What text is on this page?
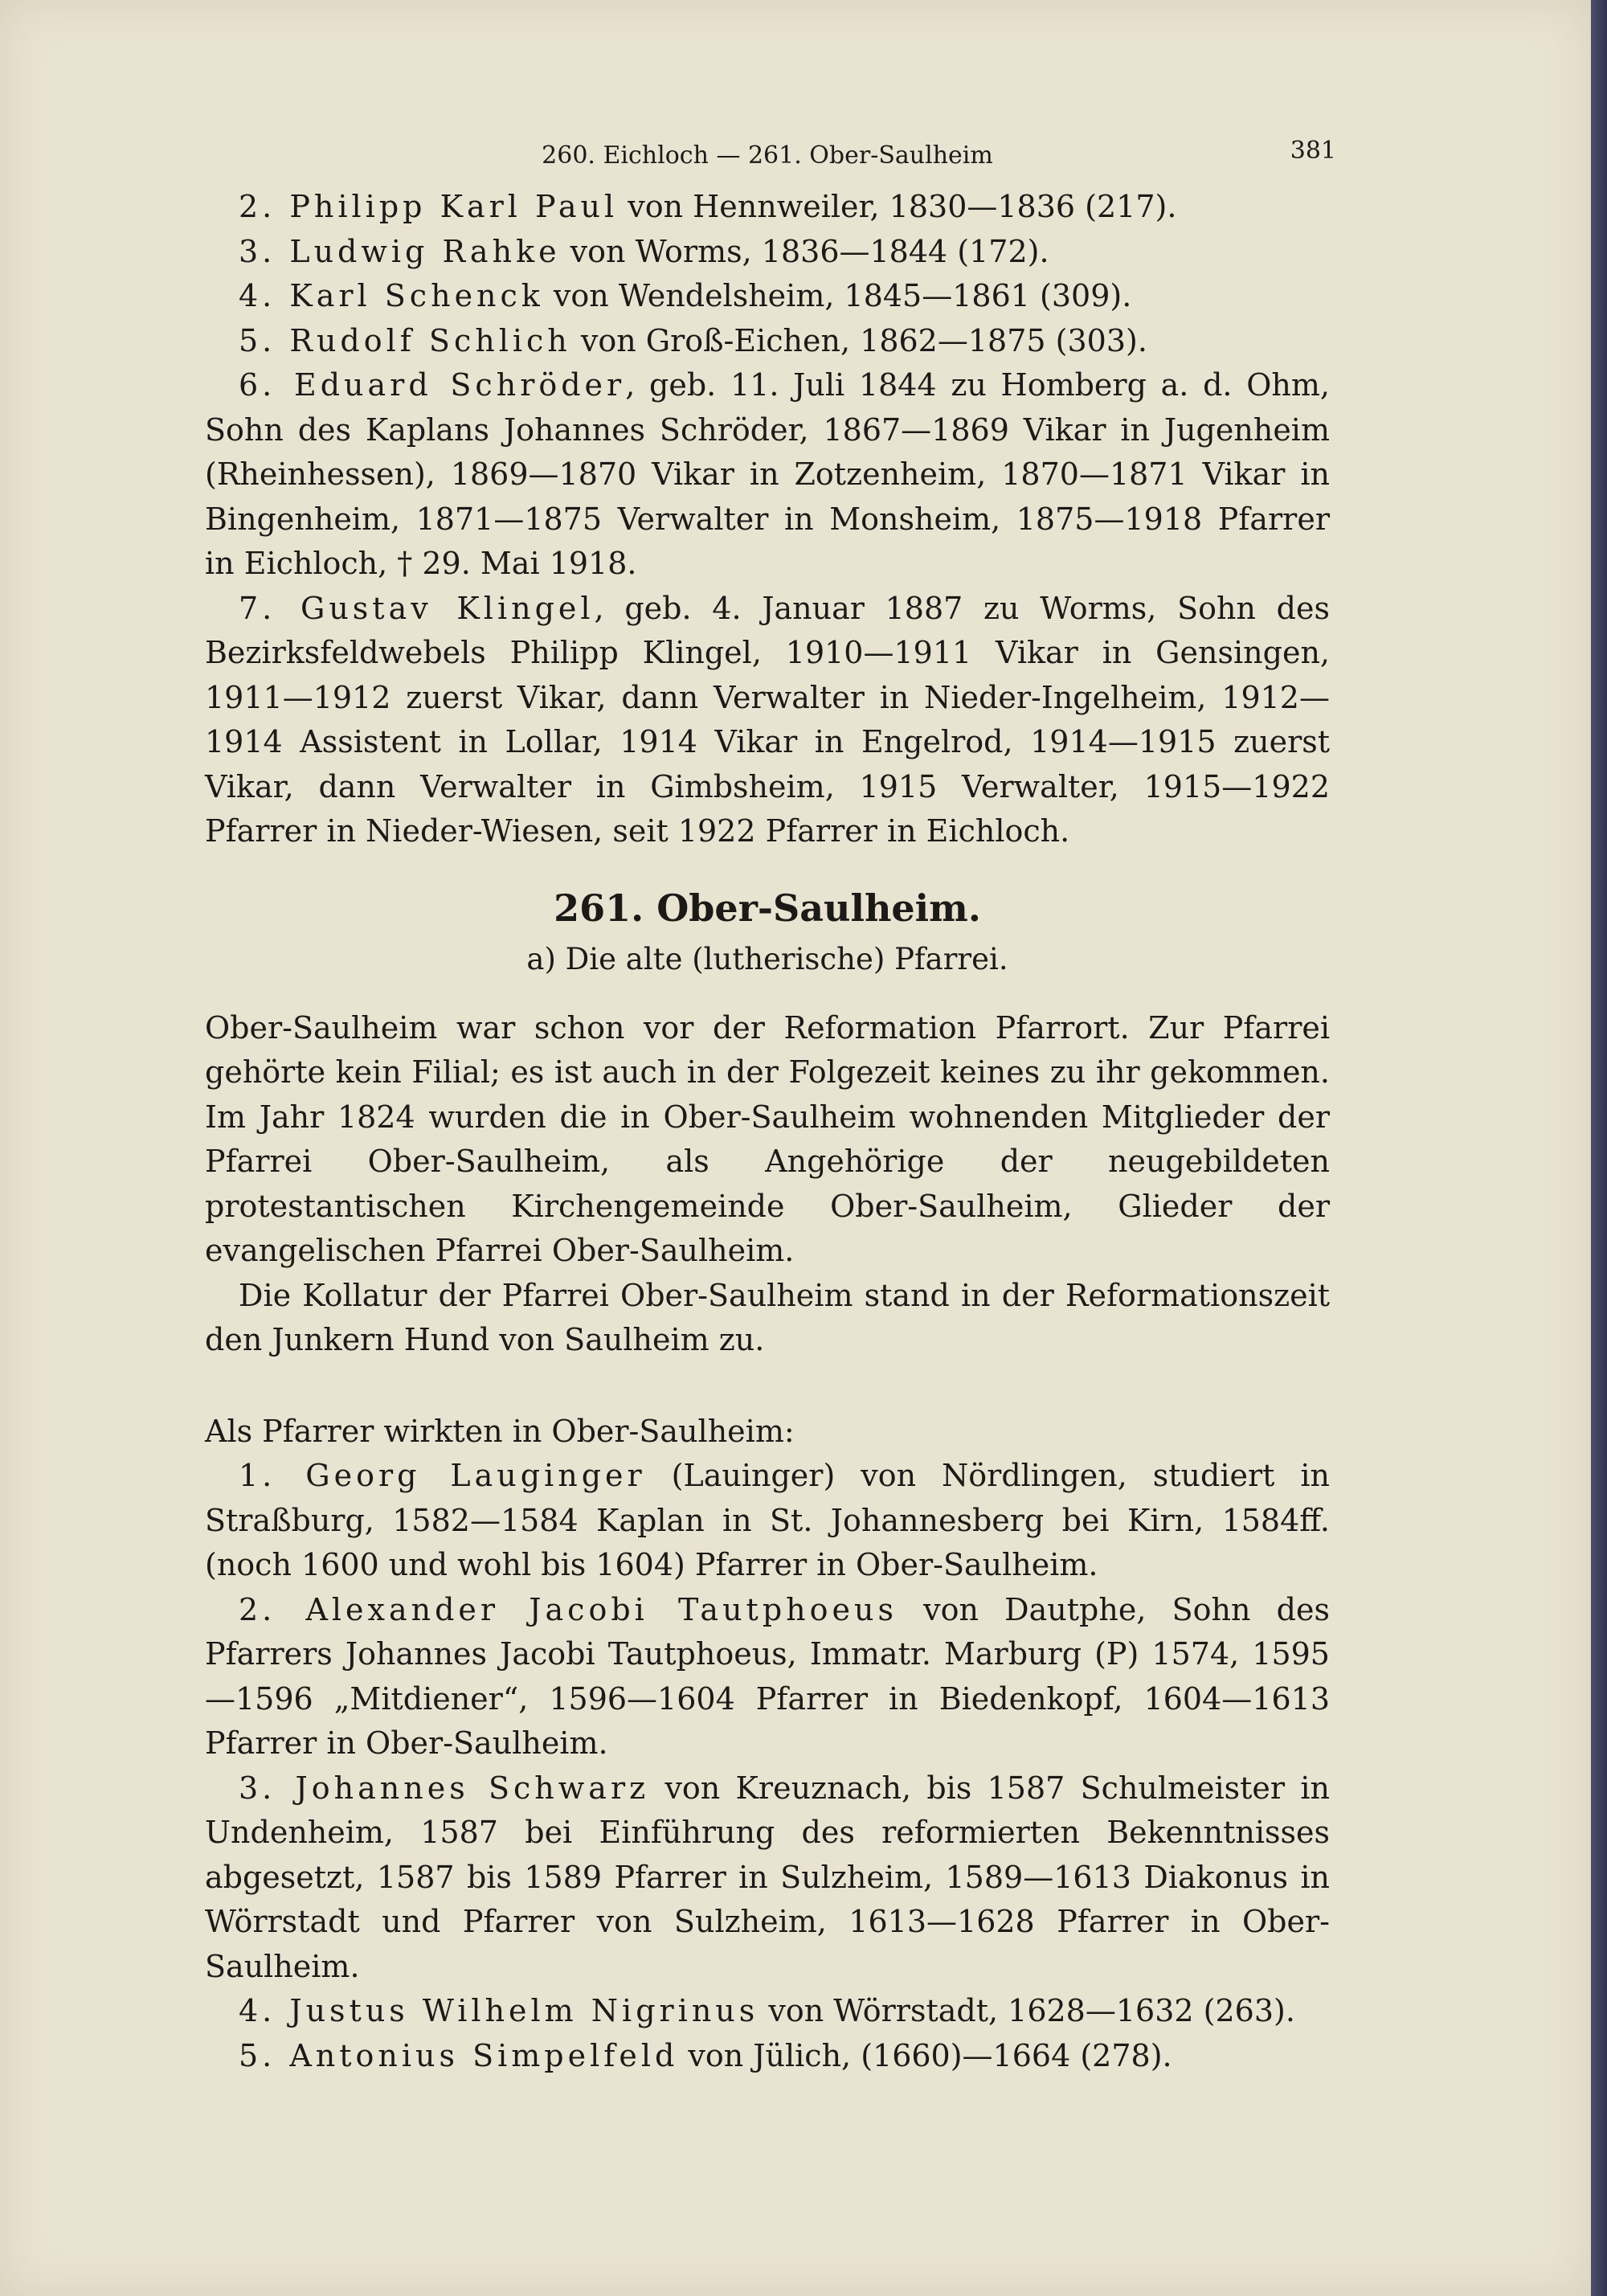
260. Eichloch — 261. Ober-Saulheim	381

2. Philipp Karl Paul von Hennweiler, 1830—1836 (217).

3. Ludwig Rahke von Worms, 1836—1844 (172).

4. Karl Schenck von Wendelsheim, 1845—1861 (309).

5. Rudolf Schlich von Groß-Eichen, 1862—1875 (303).

6. Eduard Schröder, geb. 11. Juli 1844 zu Homberg a. d. Ohm, Sohn des Kaplans Johannes Schröder, 1867—1869 Vikar in Jugenheim (Rheinhessen), 1869—1870 Vikar in Zotzenheim, 1870—1871 Vikar in Bingenheim, 1871—1875 Verwalter in Monsheim, 1875—1918 Pfarrer in Eichloch, † 29. Mai 1918.

7. Gustav Klingel, geb. 4. Januar 1887 zu Worms, Sohn des Bezirksfeldwebels Philipp Klingel, 1910—1911 Vikar in Gensingen, 1911—1912 zuerst Vikar, dann Verwalter in Nieder-Ingelheim, 1912—1914 Assistent in Lollar, 1914 Vikar in Engelrod, 1914—1915 zuerst Vikar, dann Verwalter in Gimbsheim, 1915 Verwalter, 1915—1922 Pfarrer in Nieder-Wiesen, seit 1922 Pfarrer in Eichloch.

261. Ober-Saulheim.
a) Die alte (lutherische) Pfarrei.

Ober-Saulheim war schon vor der Reformation Pfarrort. Zur Pfarrei gehörte kein Filial; es ist auch in der Folgezeit keines zu ihr gekommen. Im Jahr 1824 wurden die in Ober-Saulheim wohnenden Mitglieder der Pfarrei Ober-Saulheim, als Angehörige der neugebildeten protestantischen Kirchengemeinde Ober-Saulheim, Glieder der evangelischen Pfarrei Ober-Saulheim.

Die Kollatur der Pfarrei Ober-Saulheim stand in der Reformationszeit den Junkern Hund von Saulheim zu.

Als Pfarrer wirkten in Ober-Saulheim:

1. Georg Lauginger (Lauinger) von Nördlingen, studiert in Straßburg, 1582—1584 Kaplan in St. Johannesberg bei Kirn, 1584ff. (noch 1600 und wohl bis 1604) Pfarrer in Ober-Saulheim.

2. Alexander Jacobi Tautphoeus von Dautphe, Sohn des Pfarrers Johannes Jacobi Tautphoeus, Immatr. Marburg (P) 1574, 1595—1596 „Mitdiener“, 1596—1604 Pfarrer in Biedenkopf, 1604—1613 Pfarrer in Ober-Saulheim.

3. Johannes Schwarz von Kreuznach, bis 1587 Schulmeister in Undenheim, 1587 bei Einführung des reformierten Bekenntnisses abgesetzt, 1587 bis 1589 Pfarrer in Sulzheim, 1589—1613 Diakonus in Wörrstadt und Pfarrer von Sulzheim, 1613—1628 Pfarrer in Ober-Saulheim.

4. Justus Wilhelm Nigrinus von Wörrstadt, 1628—1632 (263).

5. Antonius Simpelfeld von Jülich, (1660)—1664 (278).
